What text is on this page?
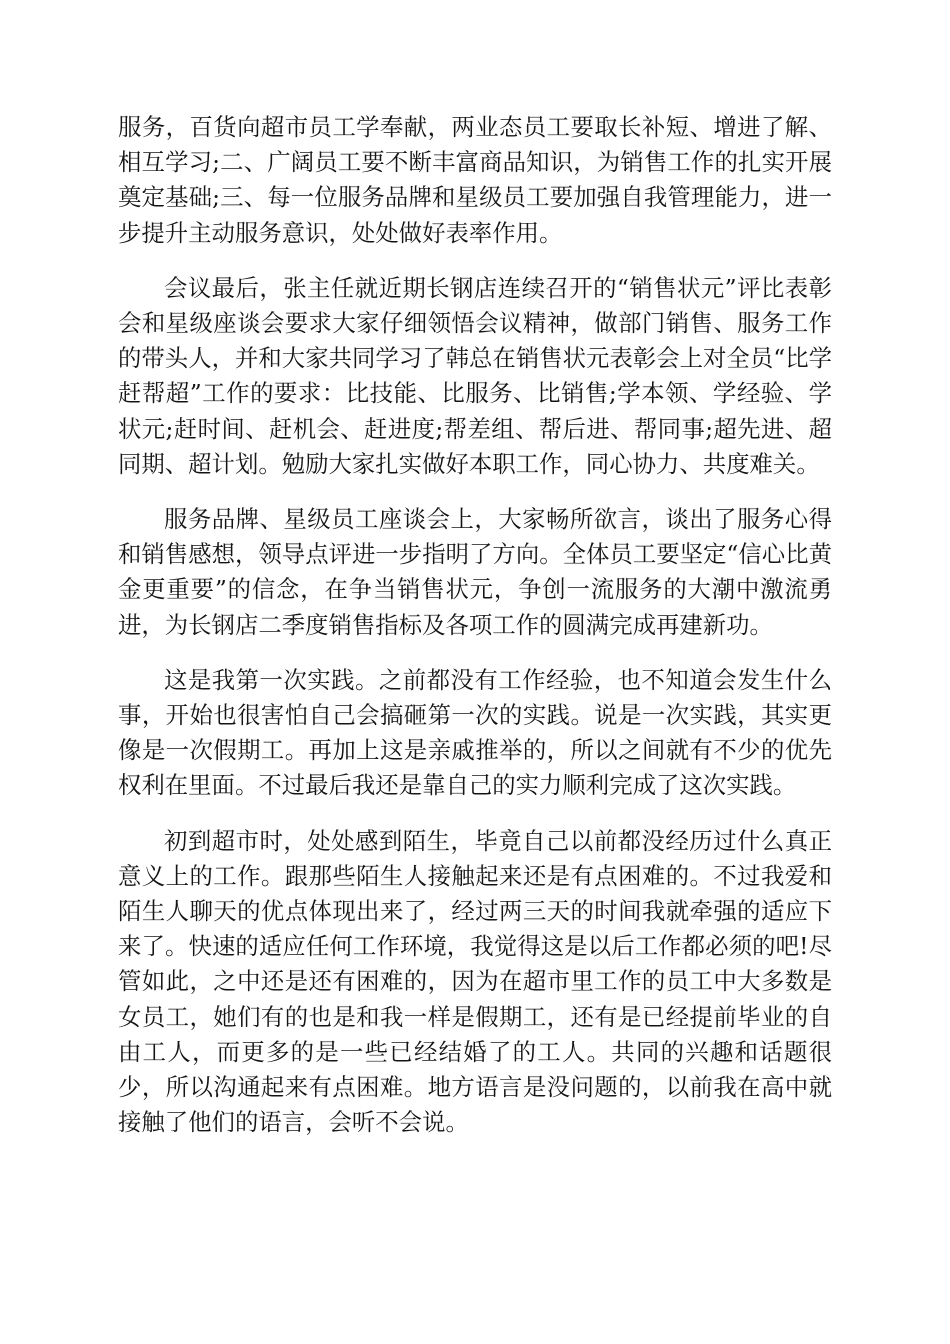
服务，百货向超市员工学奉献，两业态员工要取长补短、增进了解、相互学习;二、广阔员工要不断丰富商品知识，为销售工作的扎实开展奠定基础;三、每一位服务品牌和星级员工要加强自我管理能力，进一步提升主动服务意识，处处做好表率作用。

会议最后，张主任就近期长钢店连续召开的“销售状元”评比表彰会和星级座谈会要求大家仔细领悟会议精神，做部门销售、服务工作的带头人，并和大家共同学习了韩总在销售状元表彰会上对全员“比学赶帮超”工作的要求：比技能、比服务、比销售;学本领、学经验、学状元;赶时间、赶机会、赶进度;帮差组、帮后进、帮同事;超先进、超同期、超计划。勉励大家扎实做好本职工作，同心协力、共度难关。

服务品牌、星级员工座谈会上，大家畅所欲言，谈出了服务心得和销售感想，领导点评进一步指明了方向。全体员工要坚定“信心比黄金更重要”的信念，在争当销售状元，争创一流服务的大潮中激流勇进，为长钢店二季度销售指标及各项工作的圆满完成再建新功。

这是我第一次实践。之前都没有工作经验，也不知道会发生什么事，开始也很害怕自己会搞砸第一次的实践。说是一次实践，其实更像是一次假期工。再加上这是亲戚推举的，所以之间就有不少的优先权利在里面。不过最后我还是靠自己的实力顺利完成了这次实践。

初到超市时，处处感到陌生，毕竟自己以前都没经历过什么真正意义上的工作。跟那些陌生人接触起来还是有点困难的。不过我爱和陌生人聊天的优点体现出来了，经过两三天的时间我就牵强的适应下来了。快速的适应任何工作环境，我觉得这是以后工作都必须的吧!尽管如此，之中还是还有困难的，因为在超市里工作的员工中大多数是女员工，她们有的也是和我一样是假期工，还有是已经提前毕业的自由工人，而更多的是一些已经结婚了的工人。共同的兴趣和话题很少，所以沟通起来有点困难。地方语言是没问题的，以前我在高中就接触了他们的语言，会听不会说。
